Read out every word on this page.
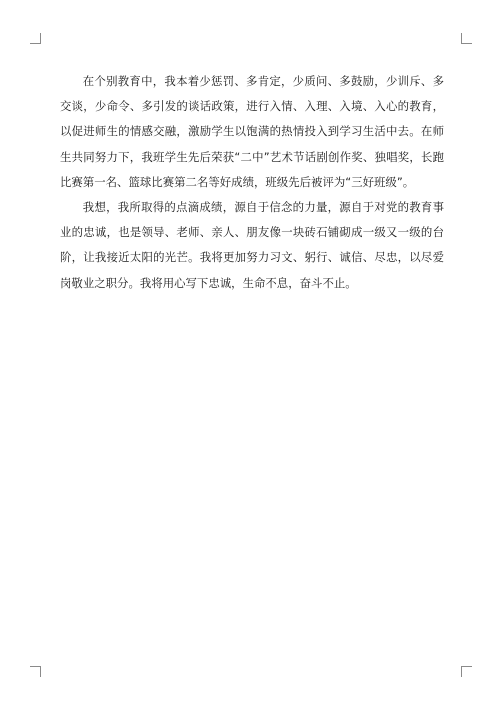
在个别教育中，我本着少惩罚、多肯定，少质问、多鼓励，少训斥、多交谈，少命令、多引发的谈话政策，进行入情、入理、入境、入心的教育，以促进师生的情感交融，激励学生以饱满的热情投入到学习生活中去。在师生共同努力下，我班学生先后荣获“二中”艺术节话剧创作奖、独唱奖，长跑比赛第一名、篮球比赛第二名等好成绩，班级先后被评为“三好班级”。

我想，我所取得的点滴成绩，源自于信念的力量，源自于对党的教育事业的忠诚，也是领导、老师、亲人、朋友像一块砖石铺砌成一级又一级的台阶，让我接近太阳的光芒。我将更加努力习文、躬行、诚信、尽忠，以尽爱岗敬业之职分。我将用心写下忠诚，生命不息，奋斗不止。
